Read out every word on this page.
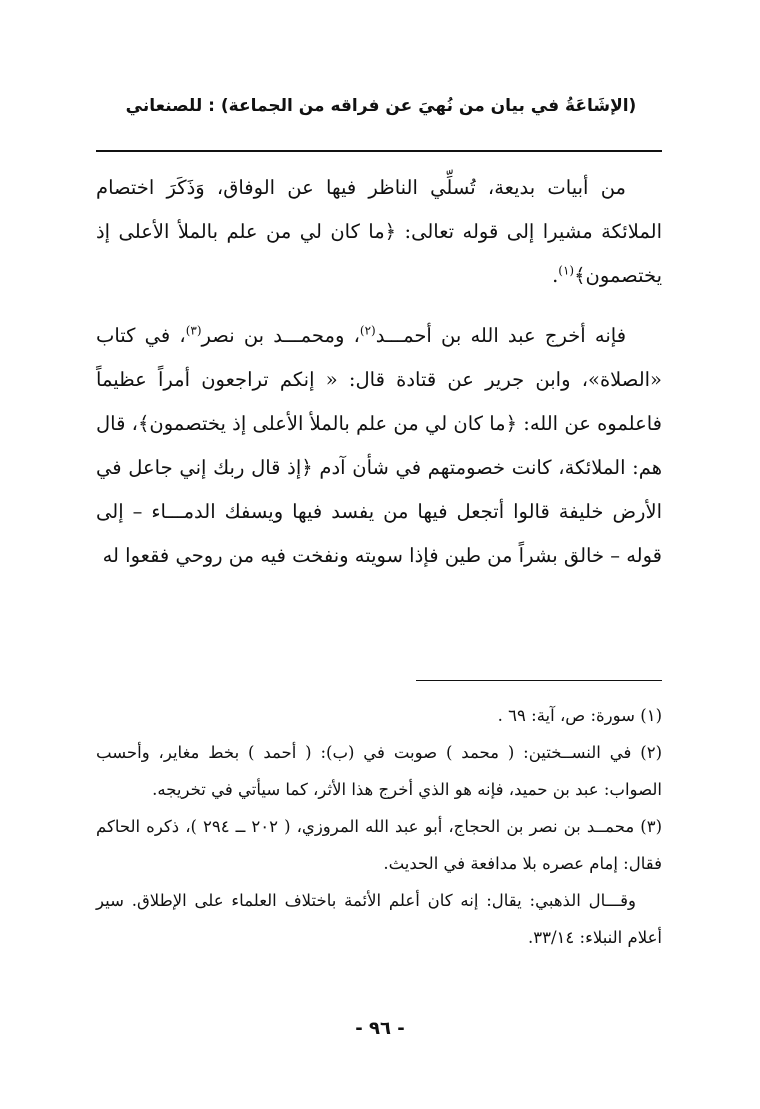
(الإشَاعَةُ في بيان من نُهيَ عن فراقه من الجماعة) : للصنعاني

من أبيات بديعة، تُسلِّي الناظر فيها عن الوفاق، وَذَكَرَ اختصام الملائكة مشيرا إلى قوله تعالى: ﴿ما كان لي من علم بالملأ الأعلى إذ يختصمون﴾$^{(١)}$.

فإنه أخرج عبد الله بن أحمـــد$^{(٢)}$، ومحمـــد بن نصر$^{(٣)}$، في كتاب «الصلاة»، وابن جرير عن قتادة قال: « إنكم تراجعون أمراً عظيماً فاعلموه عن الله: ﴿ما كان لي من علم بالملأ الأعلى إذ يختصمون﴾، قال هم: الملائكة، كانت خصومتهم في شأن آدم ﴿إذ قال ربك إني جاعل في الأرض خليفة قالوا أتجعل فيها من يفسد فيها ويسفك الدمـــاء – إلى قوله – خالق بشراً من طين فإذا سويته ونفخت فيه من روحي فقعوا له

(١) سورة: ص، آية: ٦٩ .

(٢) في النســختين: ( محمد ) صوبت في (ب): ( أحمد ) بخط مغاير، وأحسب الصواب: عبد بن حميد، فإنه هو الذي أخرج هذا الأثر، كما سيأتي في تخريجه.

(٣) محمــد بن نصر بن الحجاج، أبو عبد الله المروزي، ( ٢٠٢ ــ ٢٩٤ )، ذكره الحاكم فقال: إمام عصره بلا مدافعة في الحديث.

وقـــال الذهبي: يقال: إنه كان أعلم الأئمة باختلاف العلماء على الإطلاق. سير أعلام النبلاء: ٣٣/١٤.

- ٩٦ -
